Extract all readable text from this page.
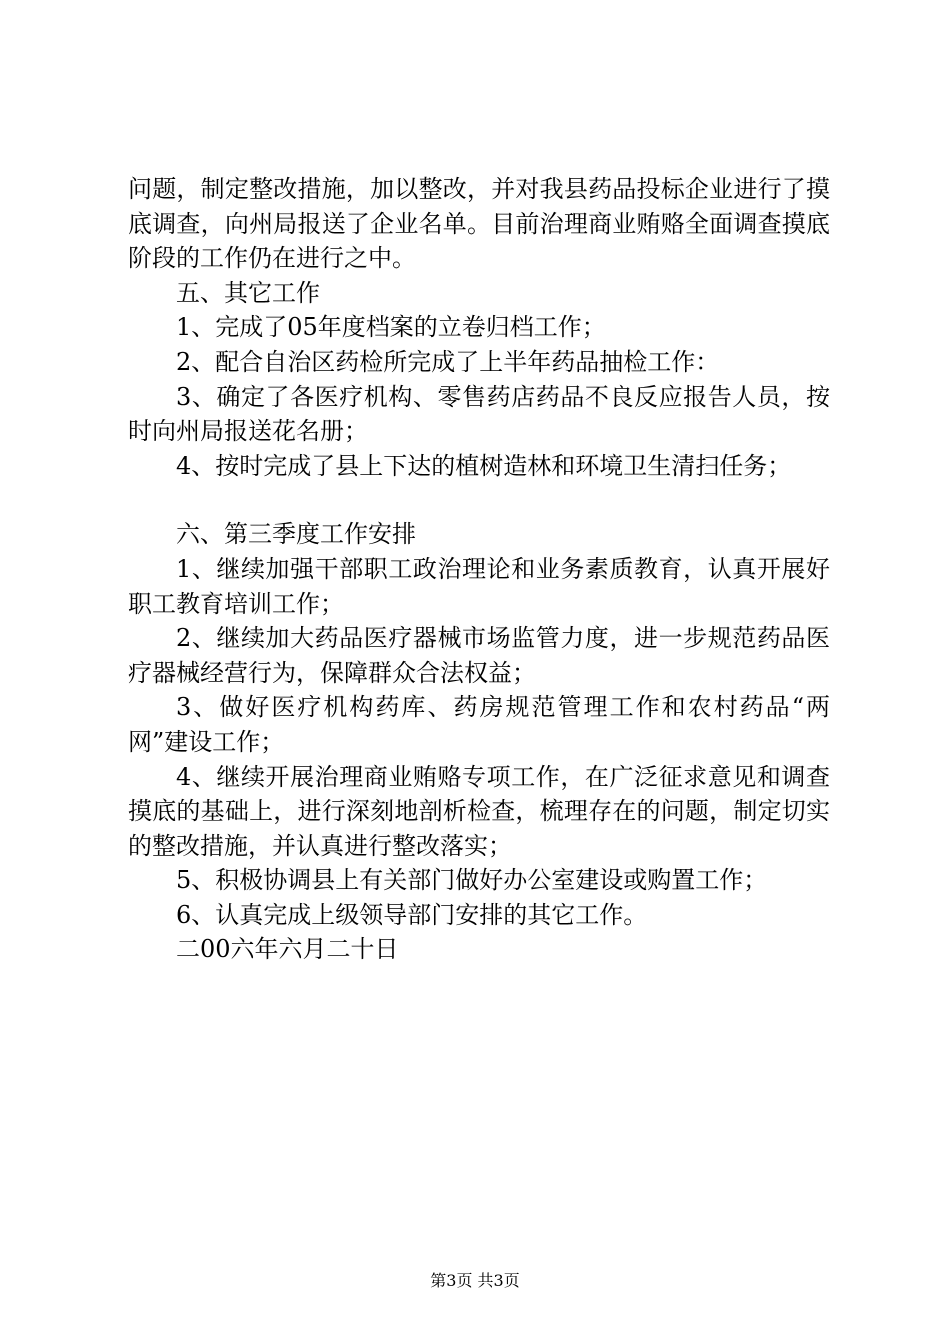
问题，制定整改措施，加以整改，并对我县药品投标企业进行了摸底调查，向州局报送了企业名单。目前治理商业贿赂全面调查摸底阶段的工作仍在进行之中。

五、其它工作

1、完成了05年度档案的立卷归档工作；

2、配合自治区药检所完成了上半年药品抽检工作：

3、确定了各医疗机构、零售药店药品不良反应报告人员，按时向州局报送花名册；

4、按时完成了县上下达的植树造林和环境卫生清扫任务；

六、第三季度工作安排

1、继续加强干部职工政治理论和业务素质教育，认真开展好职工教育培训工作；

2、继续加大药品医疗器械市场监管力度，进一步规范药品医疗器械经营行为，保障群众合法权益；

3、做好医疗机构药库、药房规范管理工作和农村药品“两网”建设工作；

4、继续开展治理商业贿赂专项工作，在广泛征求意见和调查摸底的基础上，进行深刻地剖析检查，梳理存在的问题，制定切实的整改措施，并认真进行整改落实；

5、积极协调县上有关部门做好办公室建设或购置工作；

6、认真完成上级领导部门安排的其它工作。

二00六年六月二十日

第3页 共3页
